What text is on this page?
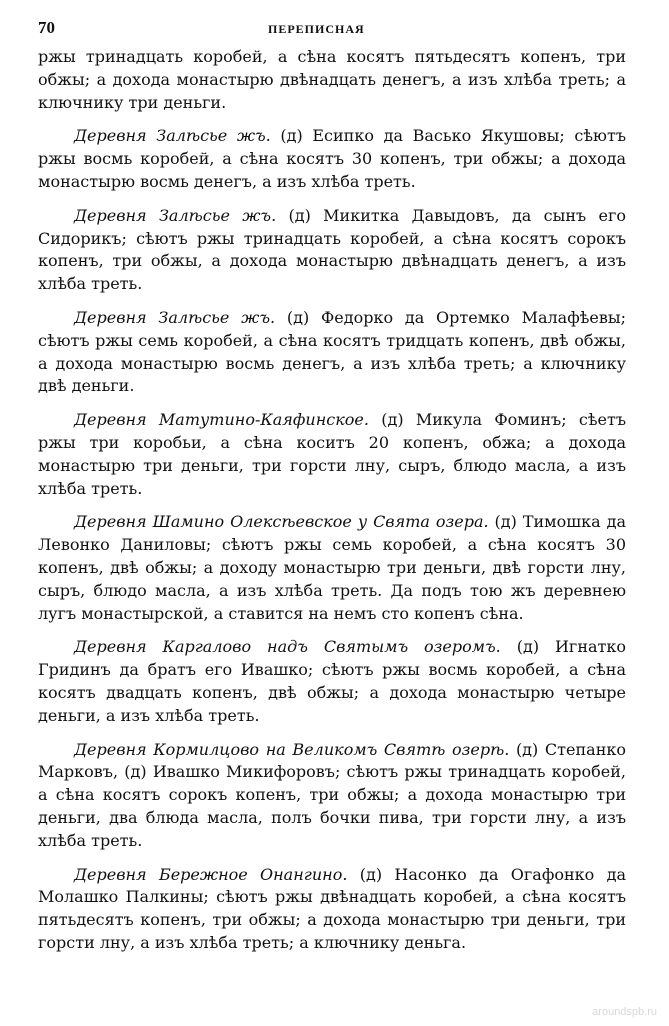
70	ПЕРЕПИСНАЯ

ржы тринадцать коробей, а сѣна косятъ пятьдесятъ копенъ, три обжы; а дохода монастырю двѣнадцать денегъ, а изъ хлѣба треть; а ключнику три деньги.

Деревня Залѣсье жъ. (д) Есипко да Васько Якушовы; сѣютъ ржы восмь коробей, а сѣна косятъ 30 копенъ, три обжы; а дохода монастырю восмь денегъ, а изъ хлѣба треть.

Деревня Залѣсье жъ. (д) Микитка Давыдовъ, да сынъ его Сидорикъ; сѣютъ ржы тринадцать коробей, а сѣна косятъ сорокъ копенъ, три обжы, а дохода монастырю двѣнадцать денегъ, а изъ хлѣба треть.

Деревня Залѣсье жъ. (д) Федорко да Ортемко Малафѣевы; сѣютъ ржы семь коробей, а сѣна косятъ тридцать копенъ, двѣ обжы, а дохода монастырю восмь денегъ, а изъ хлѣба треть; а ключнику двѣ деньги.

Деревня Матутино-Каяфинское. (д) Микула Фоминъ; сѣетъ ржы три коробьи, а сѣна коситъ 20 копенъ, обжа; а дохода монастырю три деньги, три горсти лну, сыръ, блюдо масла, а изъ хлѣба треть.

Деревня Шамино Олексѣевское у Свята озера. (д) Тимошка да Левонко Даниловы; сѣютъ ржы семь коробей, а сѣна косятъ 30 копенъ, двѣ обжы; а доходу монастырю три деньги, двѣ горсти лну, сыръ, блюдо масла, а изъ хлѣба треть. Да подъ тою жъ деревнею лугъ монастырской, а ставится на немъ сто копенъ сѣна.

Деревня Каргалово надъ Святымъ озеромъ. (д) Игнатко Гридинъ да братъ его Ивашко; сѣютъ ржы восмь коробей, а сѣна косятъ двадцать копенъ, двѣ обжы; а дохода монастырю четыре деньги, а изъ хлѣба треть.

Деревня Кормилцово на Великомъ Святѣ озерѣ. (д) Степанко Марковъ, (д) Ивашко Микифоровъ; сѣютъ ржы тринадцать коробей, а сѣна косятъ сорокъ копенъ, три обжы; а дохода монастырю три деньги, два блюда масла, полъ бочки пива, три горсти лну, а изъ хлѣба треть.

Деревня Бережное Онангино. (д) Насонко да Огафонко да Молашко Палкины; сѣютъ ржы двѣнадцать коробей, а сѣна косятъ пятьдесятъ копенъ, три обжы; а дохода монастырю три деньги, три горсти лну, а изъ хлѣба треть; а ключнику деньга.

aroundspb.ru
